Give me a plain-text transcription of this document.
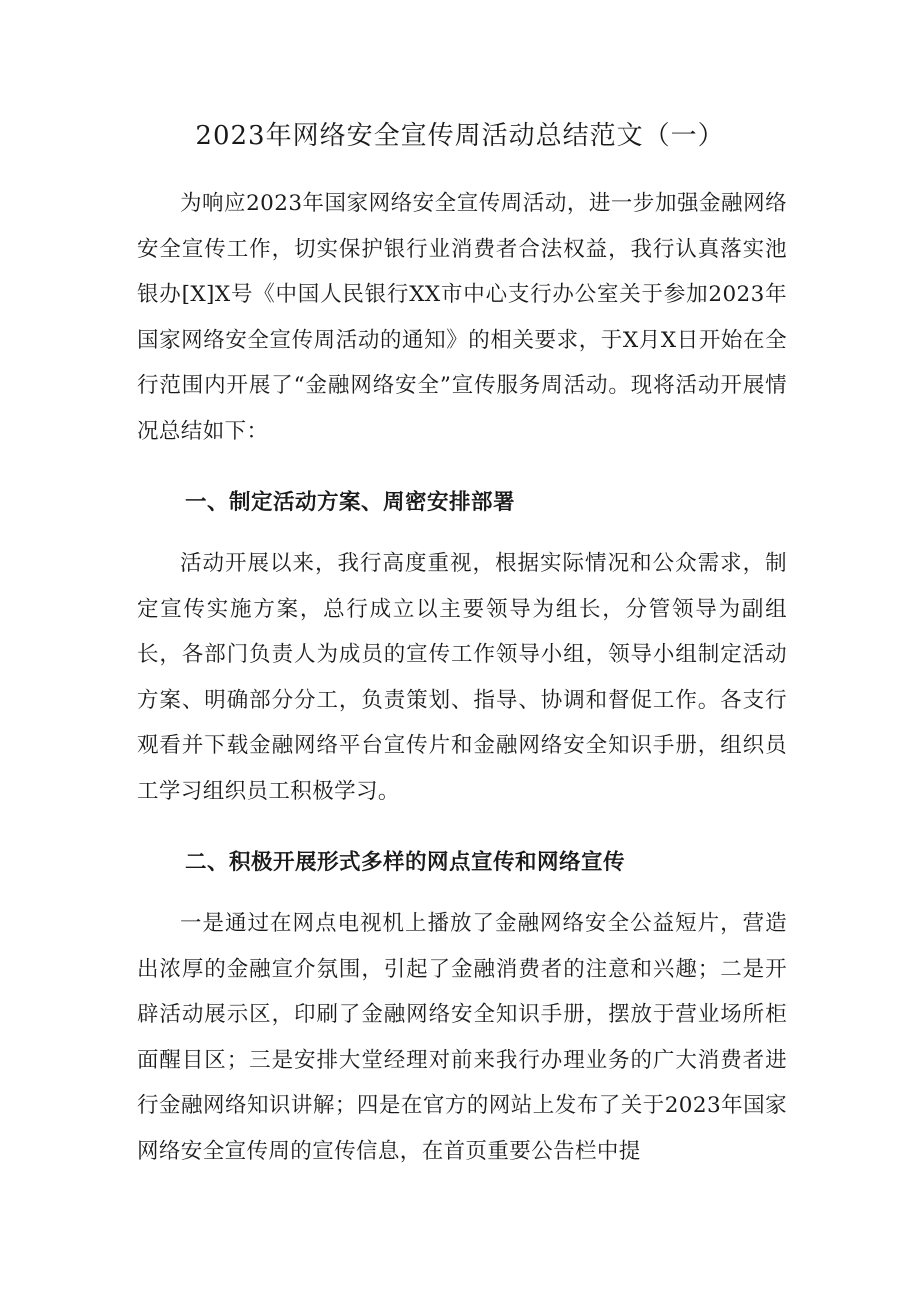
2023年网络安全宣传周活动总结范文（一）

为响应2023年国家网络安全宣传周活动，进一步加强金融网络安全宣传工作，切实保护银行业消费者合法权益，我行认真落实池银办[X]X号《中国人民银行XX市中心支行办公室关于参加2023年国家网络安全宣传周活动的通知》的相关要求，于X月X日开始在全行范围内开展了“金融网络安全”宣传服务周活动。现将活动开展情况总结如下：

一、制定活动方案、周密安排部署

活动开展以来，我行高度重视，根据实际情况和公众需求，制定宣传实施方案，总行成立以主要领导为组长，分管领导为副组长，各部门负责人为成员的宣传工作领导小组，领导小组制定活动方案、明确部分分工，负责策划、指导、协调和督促工作。各支行观看并下载金融网络平台宣传片和金融网络安全知识手册，组织员工学习组织员工积极学习。

二、积极开展形式多样的网点宣传和网络宣传

一是通过在网点电视机上播放了金融网络安全公益短片，营造出浓厚的金融宣介氛围，引起了金融消费者的注意和兴趣；二是开辟活动展示区，印刷了金融网络安全知识手册，摆放于营业场所柜面醒目区；三是安排大堂经理对前来我行办理业务的广大消费者进行金融网络知识讲解；四是在官方的网站上发布了关于2023年国家网络安全宣传周的宣传信息，在首页重要公告栏中提
